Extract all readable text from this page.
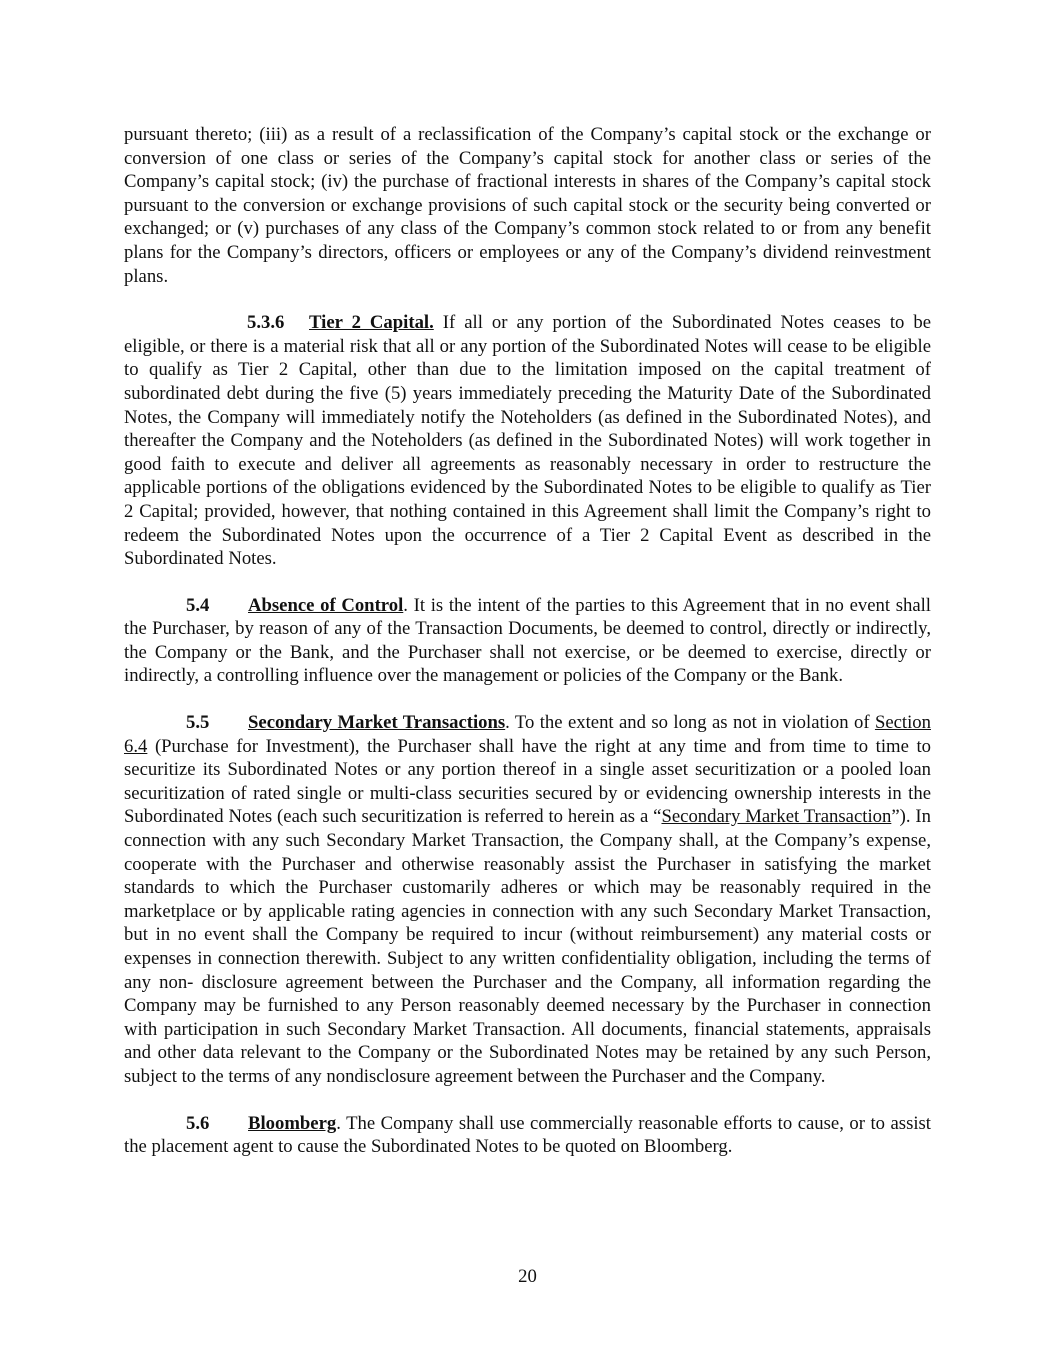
pursuant thereto; (iii) as a result of a reclassification of the Company’s capital stock or the exchange or conversion of one class or series of the Company’s capital stock for another class or series of the Company’s capital stock; (iv) the purchase of fractional interests in shares of the Company’s capital stock pursuant to the conversion or exchange provisions of such capital stock or the security being converted or exchanged; or (v) purchases of any class of the Company’s common stock related to or from any benefit plans for the Company’s directors, officers or employees or any of the Company’s dividend reinvestment plans.

5.3.6 Tier 2 Capital. If all or any portion of the Subordinated Notes ceases to be eligible, or there is a material risk that all or any portion of the Subordinated Notes will cease to be eligible to qualify as Tier 2 Capital, other than due to the limitation imposed on the capital treatment of subordinated debt during the five (5) years immediately preceding the Maturity Date of the Subordinated Notes, the Company will immediately notify the Noteholders (as defined in the Subordinated Notes), and thereafter the Company and the Noteholders (as defined in the Subordinated Notes) will work together in good faith to execute and deliver all agreements as reasonably necessary in order to restructure the applicable portions of the obligations evidenced by the Subordinated Notes to be eligible to qualify as Tier 2 Capital; provided, however, that nothing contained in this Agreement shall limit the Company’s right to redeem the Subordinated Notes upon the occurrence of a Tier 2 Capital Event as described in the Subordinated Notes.

5.4 Absence of Control. It is the intent of the parties to this Agreement that in no event shall the Purchaser, by reason of any of the Transaction Documents, be deemed to control, directly or indirectly, the Company or the Bank, and the Purchaser shall not exercise, or be deemed to exercise, directly or indirectly, a controlling influence over the management or policies of the Company or the Bank.

5.5 Secondary Market Transactions. To the extent and so long as not in violation of Section 6.4 (Purchase for Investment), the Purchaser shall have the right at any time and from time to time to securitize its Subordinated Notes or any portion thereof in a single asset securitization or a pooled loan securitization of rated single or multi-class securities secured by or evidencing ownership interests in the Subordinated Notes (each such securitization is referred to herein as a “Secondary Market Transaction”). In connection with any such Secondary Market Transaction, the Company shall, at the Company’s expense, cooperate with the Purchaser and otherwise reasonably assist the Purchaser in satisfying the market standards to which the Purchaser customarily adheres or which may be reasonably required in the marketplace or by applicable rating agencies in connection with any such Secondary Market Transaction, but in no event shall the Company be required to incur (without reimbursement) any material costs or expenses in connection therewith. Subject to any written confidentiality obligation, including the terms of any non- disclosure agreement between the Purchaser and the Company, all information regarding the Company may be furnished to any Person reasonably deemed necessary by the Purchaser in connection with participation in such Secondary Market Transaction. All documents, financial statements, appraisals and other data relevant to the Company or the Subordinated Notes may be retained by any such Person, subject to the terms of any nondisclosure agreement between the Purchaser and the Company.

5.6 Bloomberg. The Company shall use commercially reasonable efforts to cause, or to assist the placement agent to cause the Subordinated Notes to be quoted on Bloomberg.

20
